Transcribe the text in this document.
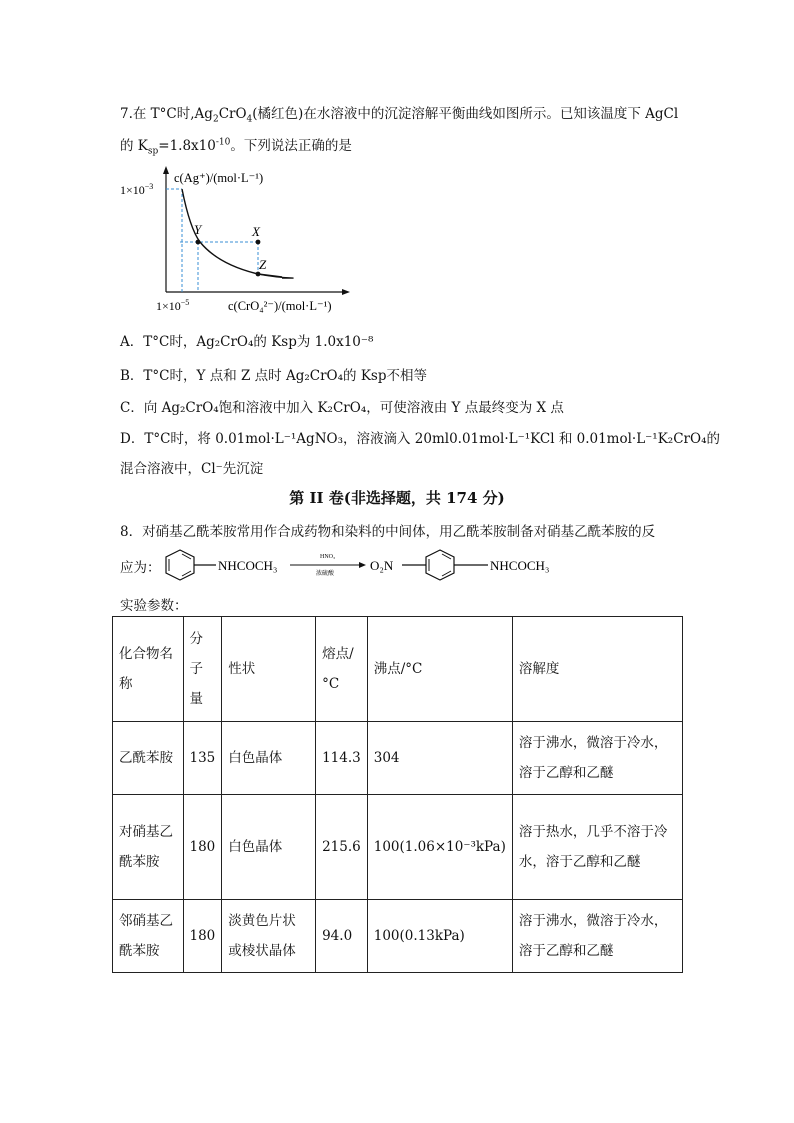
7.在 T°C时$,Ag_2CrO_4$(橘红色)在水溶液中的沉淀溶解平衡曲线如图所示。已知该温度下 AgCl
的 $K_{sp}=1.8x10^{-10}$。下列说法正确的是
Y	X
Z
$1\times 10^{-3}$
$1\times 10^{-5}$
c(Ag⁺)/(mol·L⁻¹)
c(CrO₄²⁻)/(mol·L⁻¹)
A．T°C时，Ag₂CrO₄的 Ksp为 1.0x10⁻⁸
B．T°C时，Y 点和 Z 点时 Ag₂CrO₄的 Ksp不相等
C．向 Ag₂CrO₄饱和溶液中加入 K₂CrO₄，可使溶液由 Y 点最终变为 X 点
D．T°C时，将 0.01mol·L⁻¹AgNO₃，溶液滴入 20ml0.01mol·L⁻¹KCl 和 0.01mol·L⁻¹K₂CrO₄的
混合溶液中，Cl⁻先沉淀
第 II 卷(非选择题，共 174 分)
8．对硝基乙酰苯胺常用作合成药物和染料的中间体，用乙酰苯胺制备对硝基乙酰苯胺的反
应为：	NHCOCH₃
HNO₃
浓硫酸
O₂N	NHCOCH₃
实验参数：
化合物名称	分子量	性状	熔点/°C	沸点/°C	溶解度
乙酰苯胺	135	白色晶体	114.3	304	溶于沸水，微溶于冷水，溶于乙醇和乙醚
对硝基乙酰苯胺	180	白色晶体	215.6	100(1.06×10⁻³kPa)	溶于热水，几乎不溶于冷水，溶于乙醇和乙醚
邻硝基乙酰苯胺	180	淡黄色片状或棱状晶体	94.0	100(0.13kPa)	溶于沸水，微溶于冷水，溶于乙醇和乙醚
